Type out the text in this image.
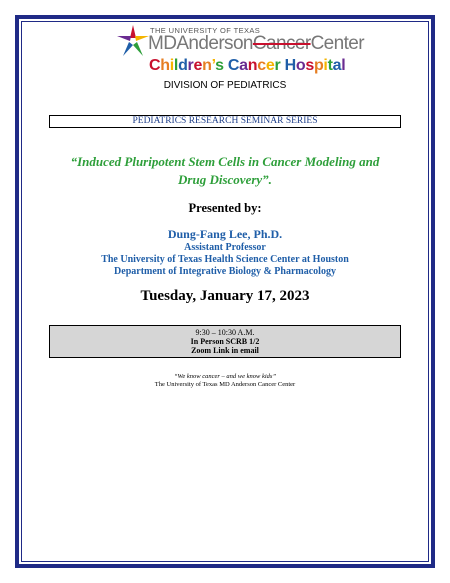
THE UNIVERSITY OF TEXAS
MDAndersonCancerCenter
Children’s Cancer Hospital
DIVISION OF PEDIATRICS
PEDIATRICS RESEARCH SEMINAR SERIES
“Induced Pluripotent Stem Cells in Cancer Modeling and
Drug Discovery”.
Presented by:
Dung-Fang Lee, Ph.D.
Assistant Professor
The University of Texas Health Science Center at Houston
Department of Integrative Biology & Pharmacology
Tuesday, January 17, 2023
9:30 – 10:30 A.M.
In Person SCRB 1/2
Zoom Link in email
“We know cancer – and we know kids”
The University of Texas MD Anderson Cancer Center
